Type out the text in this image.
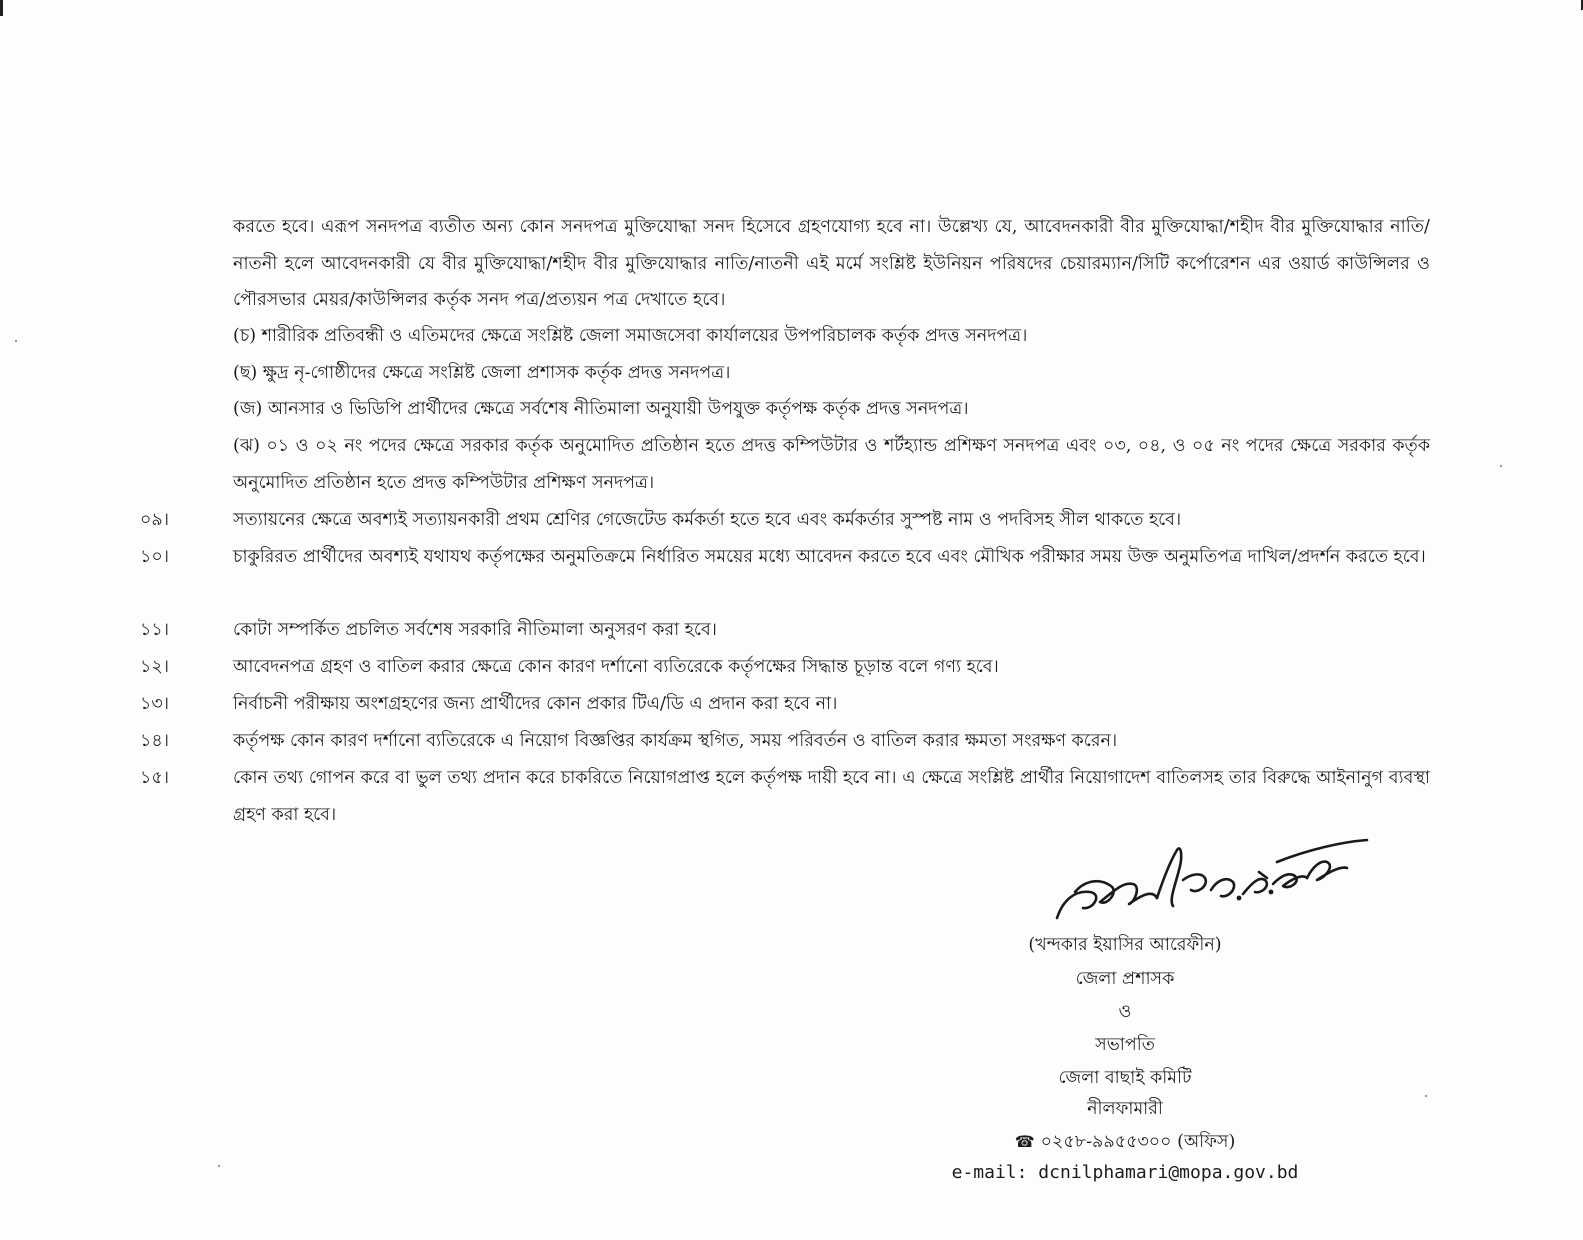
করতে হবে। এরূপ সনদপত্র ব্যতীত অন্য কোন সনদপত্র মুক্তিযোদ্ধা সনদ হিসেবে গ্রহণযোগ্য হবে না। উল্লেখ্য যে, আবেদনকারী বীর মুক্তিযোদ্ধা/শহীদ বীর মুক্তিযোদ্ধার নাতি/নাতনী হলে আবেদনকারী যে বীর মুক্তিযোদ্ধা/শহীদ বীর মুক্তিযোদ্ধার নাতি/নাতনী এই মর্মে সংশ্লিষ্ট ইউনিয়ন পরিষদের চেয়ারম্যান/সিটি কর্পোরেশন এর ওয়ার্ড কাউন্সিলর ও পৌরসভার মেয়র/কাউন্সিলর কর্তৃক সনদ পত্র/প্রত্যয়ন পত্র দেখাতে হবে।
(চ) শারীরিক প্রতিবন্ধী ও এতিমদের ক্ষেত্রে সংশ্লিষ্ট জেলা সমাজসেবা কার্যালয়ের উপপরিচালক কর্তৃক প্রদত্ত সনদপত্র।
(ছ) ক্ষুদ্র নৃ-গোষ্ঠীদের ক্ষেত্রে সংশ্লিষ্ট জেলা প্রশাসক কর্তৃক প্রদত্ত সনদপত্র।
(জ) আনসার ও ভিডিপি প্রার্থীদের ক্ষেত্রে সর্বশেষ নীতিমালা অনুযায়ী উপযুক্ত কর্তৃপক্ষ কর্তৃক প্রদত্ত সনদপত্র।
(ঝ) ০১ ও ০২ নং পদের ক্ষেত্রে সরকার কর্তৃক অনুমোদিত প্রতিষ্ঠান হতে প্রদত্ত কম্পিউটার ও শর্টহ্যান্ড প্রশিক্ষণ সনদপত্র এবং ০৩, ০৪, ও ০৫ নং পদের ক্ষেত্রে সরকার কর্তৃক অনুমোদিত প্রতিষ্ঠান হতে প্রদত্ত কম্পিউটার প্রশিক্ষণ সনদপত্র।
০৯।	সত্যায়নের ক্ষেত্রে অবশ্যই সত্যায়নকারী প্রথম শ্রেণির গেজেটেড কর্মকর্তা হতে হবে এবং কর্মকর্তার সুস্পষ্ট নাম ও পদবিসহ সীল থাকতে হবে।
১০।	চাকুরিরত প্রার্থীদের অবশ্যই যথাযথ কর্তৃপক্ষের অনুমতিক্রমে নির্ধারিত সময়ের মধ্যে আবেদন করতে হবে এবং মৌখিক পরীক্ষার সময় উক্ত অনুমতিপত্র দাখিল/প্রদর্শন করতে হবে।
১১।	কোটা সম্পর্কিত প্রচলিত সর্বশেষ সরকারি নীতিমালা অনুসরণ করা হবে।
১২।	আবেদনপত্র গ্রহণ ও বাতিল করার ক্ষেত্রে কোন কারণ দর্শানো ব্যতিরেকে কর্তৃপক্ষের সিদ্ধান্ত চূড়ান্ত বলে গণ্য হবে।
১৩।	নির্বাচনী পরীক্ষায় অংশগ্রহণের জন্য প্রার্থীদের কোন প্রকার টিএ/ডি এ প্রদান করা হবে না।
১৪।	কর্তৃপক্ষ কোন কারণ দর্শানো ব্যতিরেকে এ নিয়োগ বিজ্ঞপ্তির কার্যক্রম স্থগিত, সময় পরিবর্তন ও বাতিল করার ক্ষমতা সংরক্ষণ করেন।
১৫।	কোন তথ্য গোপন করে বা ভুল তথ্য প্রদান করে চাকরিতে নিয়োগপ্রাপ্ত হলে কর্তৃপক্ষ দায়ী হবে না। এ ক্ষেত্রে সংশ্লিষ্ট প্রার্থীর নিয়োগাদেশ বাতিলসহ তার বিরুদ্ধে আইনানুগ ব্যবস্থা গ্রহণ করা হবে।
(খন্দকার ইয়াসির আরেফীন)
জেলা প্রশাসক
ও
সভাপতি
জেলা বাছাই কমিটি
নীলফামারী
☎ ০২৫৮-৯৯৫৫৩০০ (অফিস)
e-mail: dcnilphamari@mopa.gov.bd
